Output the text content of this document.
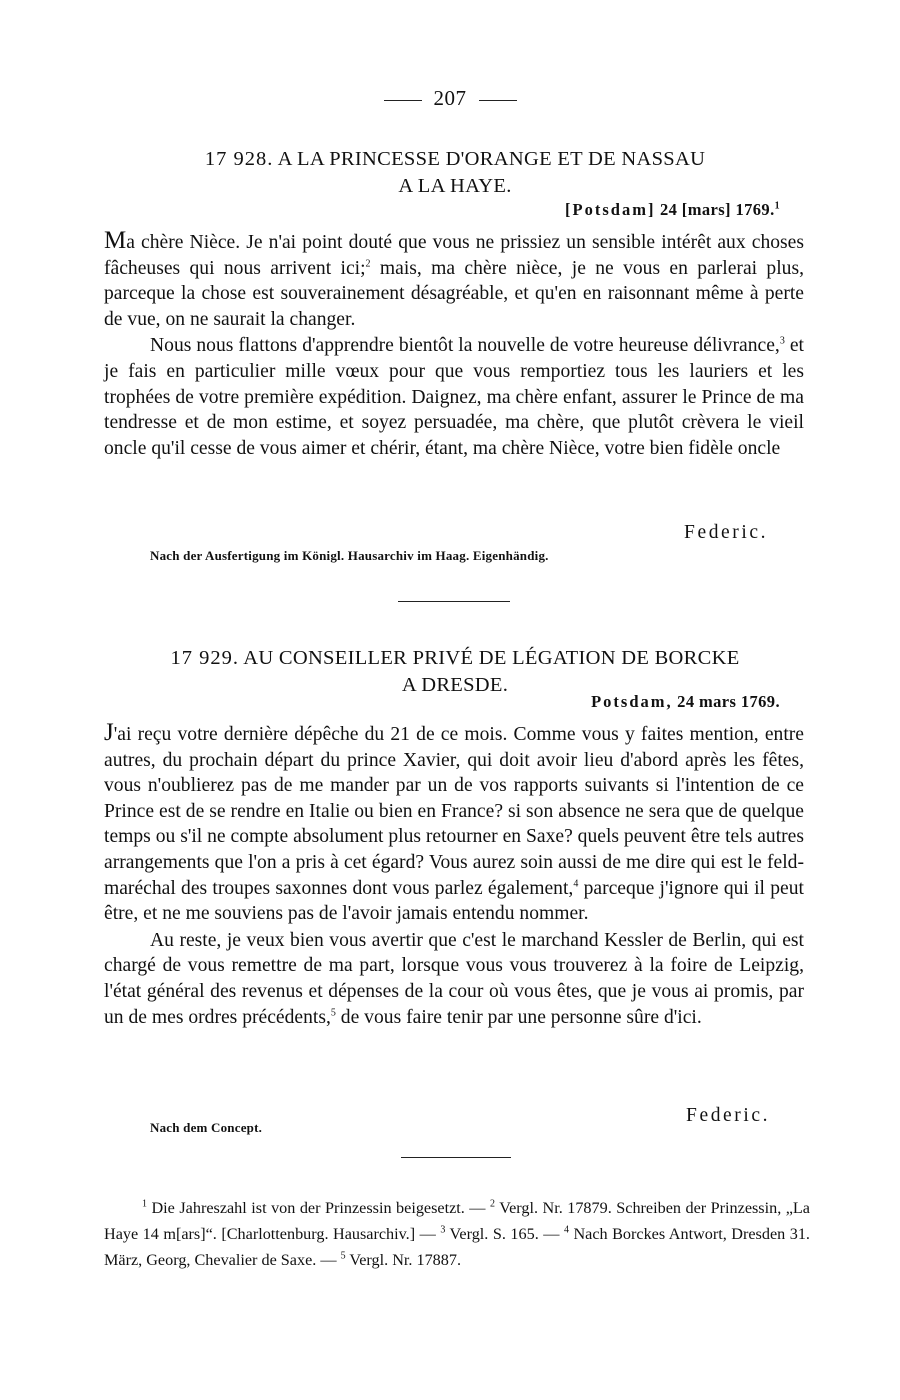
207
17 928. A LA PRINCESSE D'ORANGE ET DE NASSAU
A LA HAYE.
[Potsdam] 24 [mars] 1769.$^1$

Ma chère Nièce. Je n'ai point douté que vous ne prissiez un sensible intérêt aux choses fâcheuses qui nous arrivent ici;$^2$ mais, ma chère nièce, je ne vous en parlerai plus, parceque la chose est souverainement désagréable, et qu'en en raisonnant même à perte de vue, on ne saurait la changer.

Nous nous flattons d'apprendre bientôt la nouvelle de votre heureuse délivrance,$^3$ et je fais en particulier mille vœux pour que vous remportiez tous les lauriers et les trophées de votre première expédition. Daignez, ma chère enfant, assurer le Prince de ma tendresse et de mon estime, et soyez persuadée, ma chère, que plutôt crèvera le vieil oncle qu'il cesse de vous aimer et chérir, étant, ma chère Nièce, votre bien fidèle oncle

Federic.
Nach der Ausfertigung im Königl. Hausarchiv im Haag. Eigenhändig.
17 929. AU CONSEILLER PRIVÉ DE LÉGATION DE BORCKE
A DRESDE.
Potsdam, 24 mars 1769.

J'ai reçu votre dernière dépêche du 21 de ce mois. Comme vous y faites mention, entre autres, du prochain départ du prince Xavier, qui doit avoir lieu d'abord après les fêtes, vous n'oublierez pas de me mander par un de vos rapports suivants si l'intention de ce Prince est de se rendre en Italie ou bien en France? si son absence ne sera que de quelque temps ou s'il ne compte absolument plus retourner en Saxe? quels peuvent être tels autres arrangements que l'on a pris à cet égard? Vous aurez soin aussi de me dire qui est le feld-maréchal des troupes saxonnes dont vous parlez également,$^4$ parceque j'ignore qui il peut être, et ne me souviens pas de l'avoir jamais entendu nommer.

Au reste, je veux bien vous avertir que c'est le marchand Kessler de Berlin, qui est chargé de vous remettre de ma part, lorsque vous vous trouverez à la foire de Leipzig, l'état général des revenus et dépenses de la cour où vous êtes, que je vous ai promis, par un de mes ordres précédents,$^5$ de vous faire tenir par une personne sûre d'ici.

Federic.
Nach dem Concept.

$^1$ Die Jahreszahl ist von der Prinzessin beigesetzt. — $^2$ Vergl. Nr. 17879. Schreiben der Prinzessin, „La Haye 14 m[ars]“. [Charlottenburg. Hausarchiv.] — $^3$ Vergl. S. 165. — $^4$ Nach Borckes Antwort, Dresden 31. März, Georg, Chevalier de Saxe. — $^5$ Vergl. Nr. 17887.
